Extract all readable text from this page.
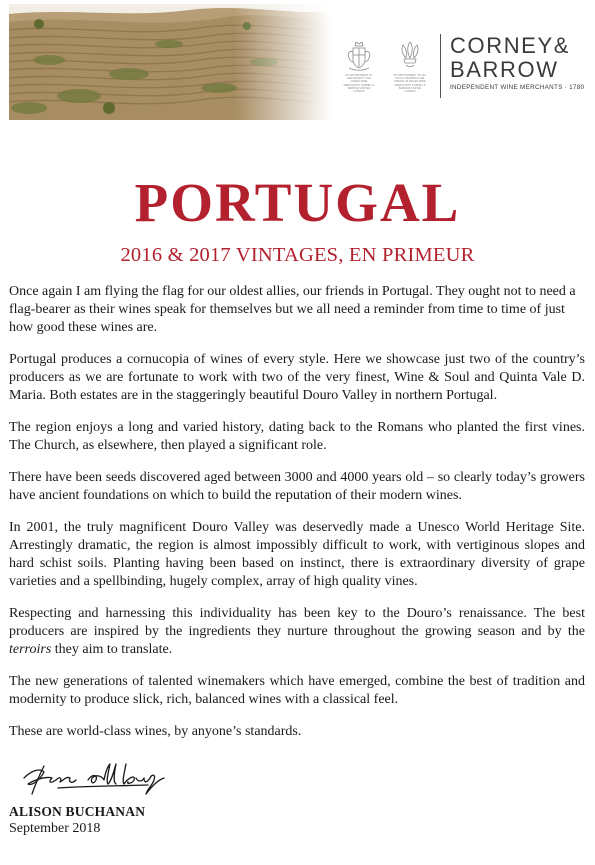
BY APPOINTMENT TO HER MAJESTY THE QUEEN WINE MERCHANTS CORNEY & BARROW LIMITED LONDON
BY APPOINTMENT TO HIS ROYAL HIGHNESS THE PRINCE OF WALES WINE MERCHANTS CORNEY & BARROW LIMITED LONDON
CORNEY&
BARROW
INDEPENDENT WINE MERCHANTS · 1780
PORTUGAL
2016 & 2017 VINTAGES, EN PRIMEUR

Once again I am flying the flag for our oldest allies, our friends in Portugal. They ought not to need a flag-bearer as their wines speak for themselves but we all need a reminder from time to time of just how good these wines are.

Portugal produces a cornucopia of wines of every style. Here we showcase just two of the country’s producers as we are fortunate to work with two of the very finest, Wine & Soul and Quinta Vale D. Maria. Both estates are in the staggeringly beautiful Douro Valley in northern Portugal.

The region enjoys a long and varied history, dating back to the Romans who planted the first vines. The Church, as elsewhere, then played a significant role.

There have been seeds discovered aged between 3000 and 4000 years old – so clearly today’s growers have ancient foundations on which to build the reputation of their modern wines.

In 2001, the truly magnificent Douro Valley was deservedly made a Unesco World Heritage Site. Arrestingly dramatic, the region is almost impossibly difficult to work, with vertiginous slopes and hard schist soils. Planting having been based on instinct, there is extraordinary diversity of grape varieties and a spellbinding, hugely complex, array of high quality vines.

Respecting and harnessing this individuality has been key to the Douro’s renaissance. The best producers are inspired by the ingredients they nurture throughout the growing season and by the terroirs they aim to translate.

The new generations of talented winemakers which have emerged, combine the best of tradition and modernity to produce slick, rich, balanced wines with a classical feel.

These are world-class wines, by anyone’s standards.

ALISON BUCHANAN
September 2018
